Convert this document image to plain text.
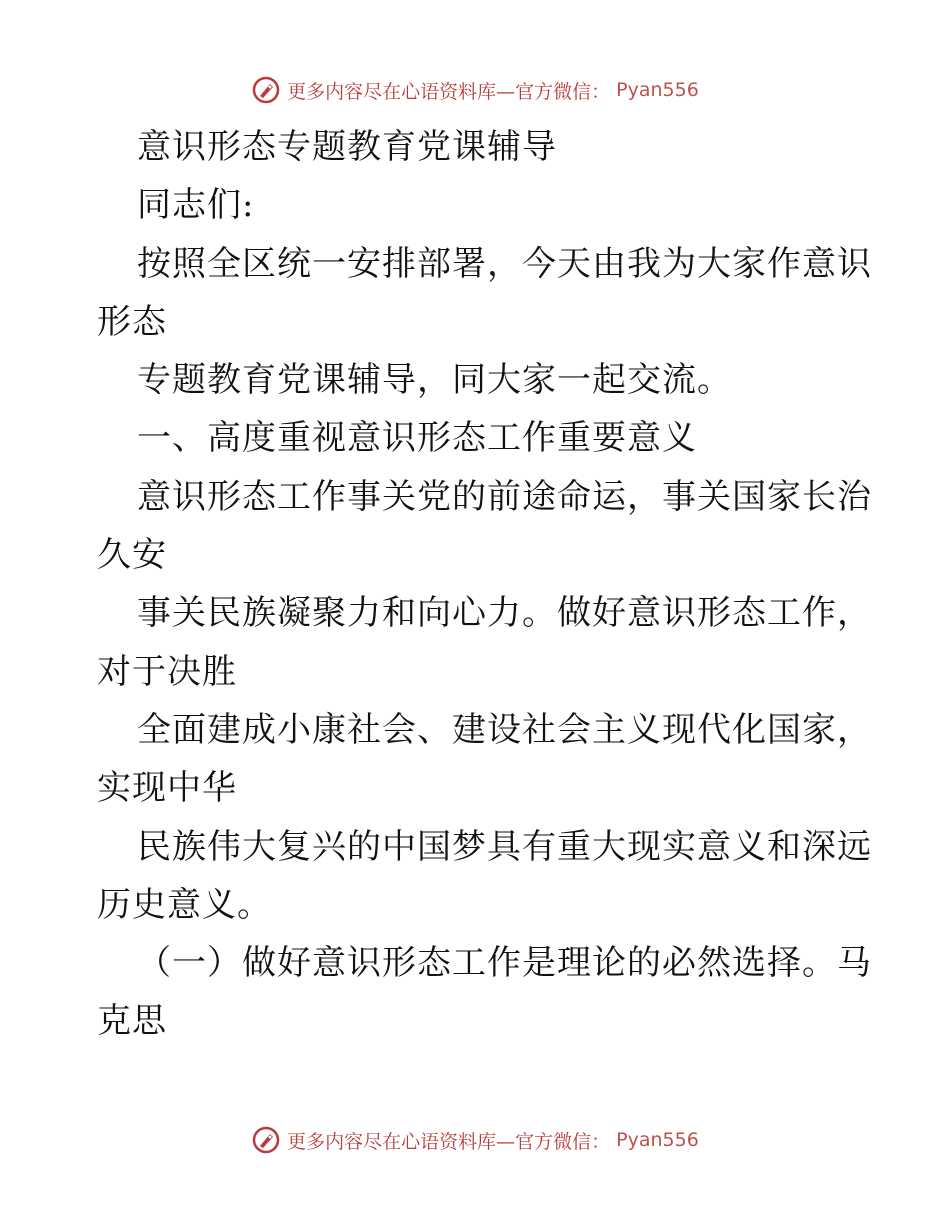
更多内容尽在心语资料库—官方微信： Pyan556
意识形态专题教育党课辅导
同志们:
按照全区统一安排部署，今天由我为大家作意识
形态
专题教育党课辅导，同大家一起交流。
一、高度重视意识形态工作重要意义
意识形态工作事关党的前途命运，事关国家长治
久安
事关民族凝聚力和向心力。做好意识形态工作，
对于决胜
全面建成小康社会、建设社会主义现代化国家，
实现中华
民族伟大复兴的中国梦具有重大现实意义和深远
历史意义。
（一）做好意识形态工作是理论的必然选择。马
克思
更多内容尽在心语资料库—官方微信： Pyan556
